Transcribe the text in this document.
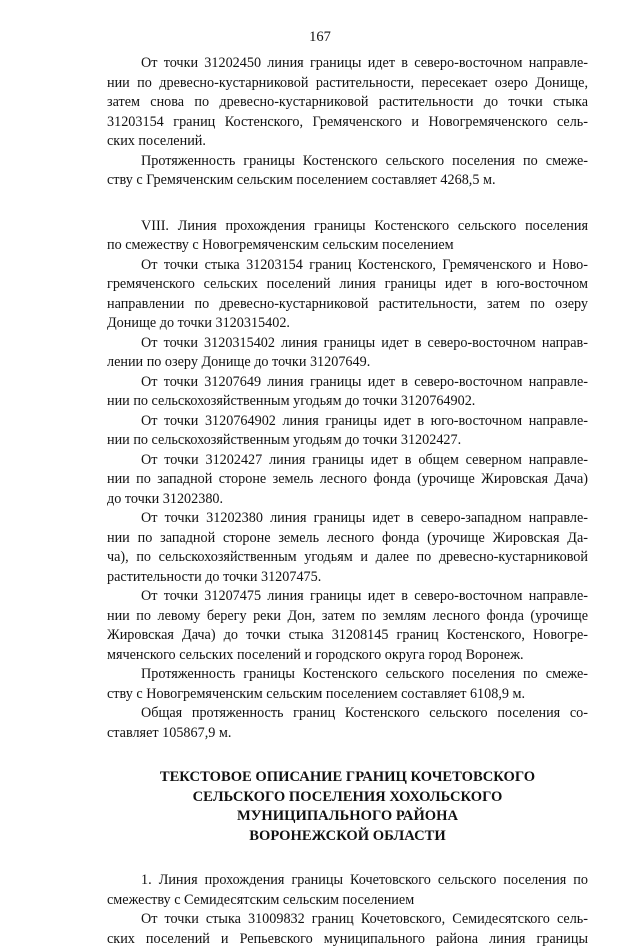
167
От точки 31202450 линия границы идет в северо-восточном направле-
нии по древесно-кустарниковой растительности, пересекает озеро Донище,
затем снова по древесно-кустарниковой растительности до точки стыка
31203154 границ Костенского, Гремяченского и Новогремяченского сель-
ских поселений.
Протяженность границы Костенского сельского поселения по смеже-
ству с Гремяченским сельским поселением составляет 4268,5 м.
VIII. Линия прохождения границы Костенского сельского поселения
по смежеству с Новогремяченским сельским поселением
От точки стыка 31203154 границ Костенского, Гремяченского и Ново-
гремяченского сельских поселений линия границы идет в юго-восточном
направлении по древесно-кустарниковой растительности, затем по озеру
Донище до точки 3120315402.
От точки 3120315402 линия границы идет в северо-восточном направ-
лении по озеру Донище до точки 31207649.
От точки 31207649 линия границы идет в северо-восточном направле-
нии по сельскохозяйственным угодьям до точки 3120764902.
От точки 3120764902 линия границы идет в юго-восточном направле-
нии по сельскохозяйственным угодьям до точки 31202427.
От точки 31202427 линия границы идет в общем северном направле-
нии по западной стороне земель лесного фонда (урочище Жировская Дача)
до точки 31202380.
От точки 31202380 линия границы идет в северо-западном направле-
нии по западной стороне земель лесного фонда (урочище Жировская Да-
ча), по сельскохозяйственным угодьям и далее по древесно-кустарниковой
растительности до точки 31207475.
От точки 31207475 линия границы идет в северо-восточном направле-
нии по левому берегу реки Дон, затем по землям лесного фонда (урочище
Жировская Дача) до точки стыка 31208145 границ Костенского, Новогре-
мяченского сельских поселений и городского округа город Воронеж.
Протяженность границы Костенского сельского поселения по смеже-
ству с Новогремяченским сельским поселением составляет 6108,9 м.
Общая протяженность границ Костенского сельского поселения со-
ставляет 105867,9 м.
ТЕКСТОВОЕ ОПИСАНИЕ ГРАНИЦ КОЧЕТОВСКОГО
СЕЛЬСКОГО ПОСЕЛЕНИЯ ХОХОЛЬСКОГО
МУНИЦИПАЛЬНОГО РАЙОНА
ВОРОНЕЖСКОЙ ОБЛАСТИ
1. Линия прохождения границы Кочетовского сельского поселения по
смежеству с Семидесятским сельским поселением
От точки стыка 31009832 границ Кочетовского, Семидесятского сель-
ских поселений и Репьевского муниципального района линия границы
